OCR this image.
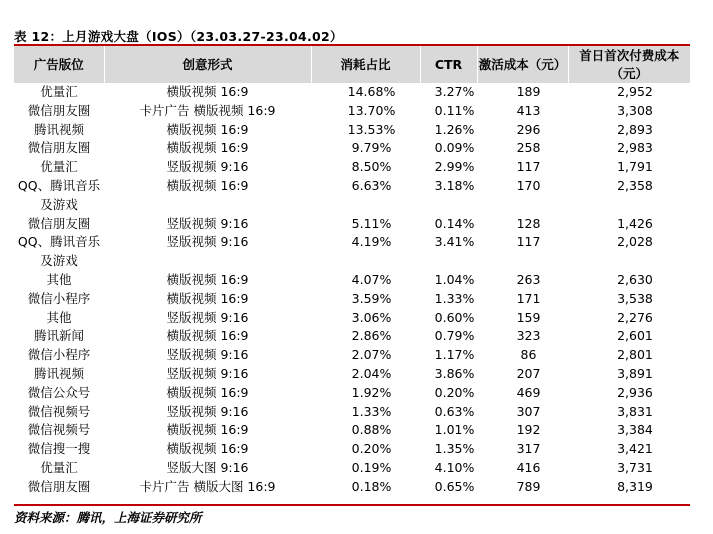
表 12：上月游戏大盘（IOS）（23.03.27-23.04.02）
广告版位	创意形式	消耗占比	CTR	激活成本（元）	首日首次付费成本（元）
优量汇	横版视频 16:9	14.68%	3.27%	189	2,952
微信朋友圈	卡片广告 横版视频 16:9	13.70%	0.11%	413	3,308
腾讯视频	横版视频 16:9	13.53%	1.26%	296	2,893
微信朋友圈	横版视频 16:9	9.79%	0.09%	258	2,983
优量汇	竖版视频 9:16	8.50%	2.99%	117	1,791
QQ、腾讯音乐及游戏	横版视频 16:9	6.63%	3.18%	170	2,358
微信朋友圈	竖版视频 9:16	5.11%	0.14%	128	1,426
QQ、腾讯音乐及游戏	竖版视频 9:16	4.19%	3.41%	117	2,028
其他	横版视频 16:9	4.07%	1.04%	263	2,630
微信小程序	横版视频 16:9	3.59%	1.33%	171	3,538
其他	竖版视频 9:16	3.06%	0.60%	159	2,276
腾讯新闻	横版视频 16:9	2.86%	0.79%	323	2,601
微信小程序	竖版视频 9:16	2.07%	1.17%	86	2,801
腾讯视频	竖版视频 9:16	2.04%	3.86%	207	3,891
微信公众号	横版视频 16:9	1.92%	0.20%	469	2,936
微信视频号	竖版视频 9:16	1.33%	0.63%	307	3,831
微信视频号	横版视频 16:9	0.88%	1.01%	192	3,384
微信搜一搜	横版视频 16:9	0.20%	1.35%	317	3,421
优量汇	竖版大图 9:16	0.19%	4.10%	416	3,731
微信朋友圈	卡片广告 横版大图 16:9	0.18%	0.65%	789	8,319
资料来源：腾讯，上海证券研究所
